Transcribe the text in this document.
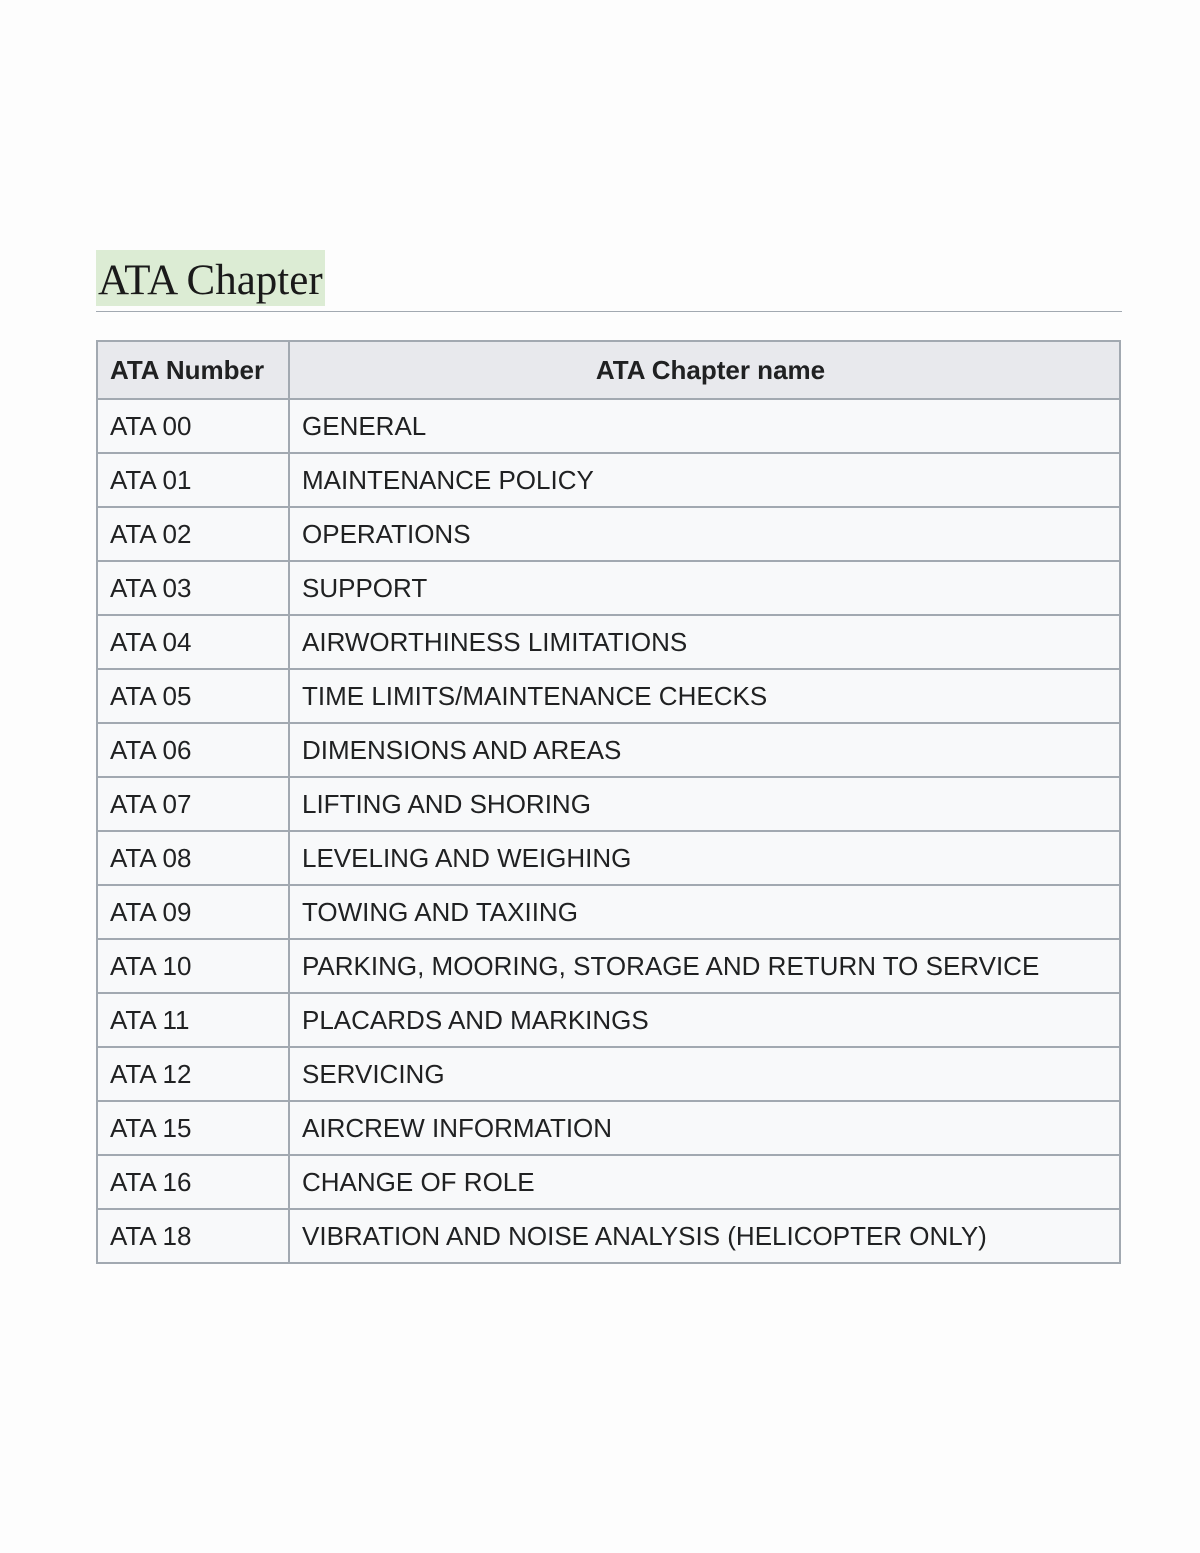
ATA Chapter
ATA Number	ATA Chapter name
ATA 00	GENERAL
ATA 01	MAINTENANCE POLICY
ATA 02	OPERATIONS
ATA 03	SUPPORT
ATA 04	AIRWORTHINESS LIMITATIONS
ATA 05	TIME LIMITS/MAINTENANCE CHECKS
ATA 06	DIMENSIONS AND AREAS
ATA 07	LIFTING AND SHORING
ATA 08	LEVELING AND WEIGHING
ATA 09	TOWING AND TAXIING
ATA 10	PARKING, MOORING, STORAGE AND RETURN TO SERVICE
ATA 11	PLACARDS AND MARKINGS
ATA 12	SERVICING
ATA 15	AIRCREW INFORMATION
ATA 16	CHANGE OF ROLE
ATA 18	VIBRATION AND NOISE ANALYSIS (HELICOPTER ONLY)
